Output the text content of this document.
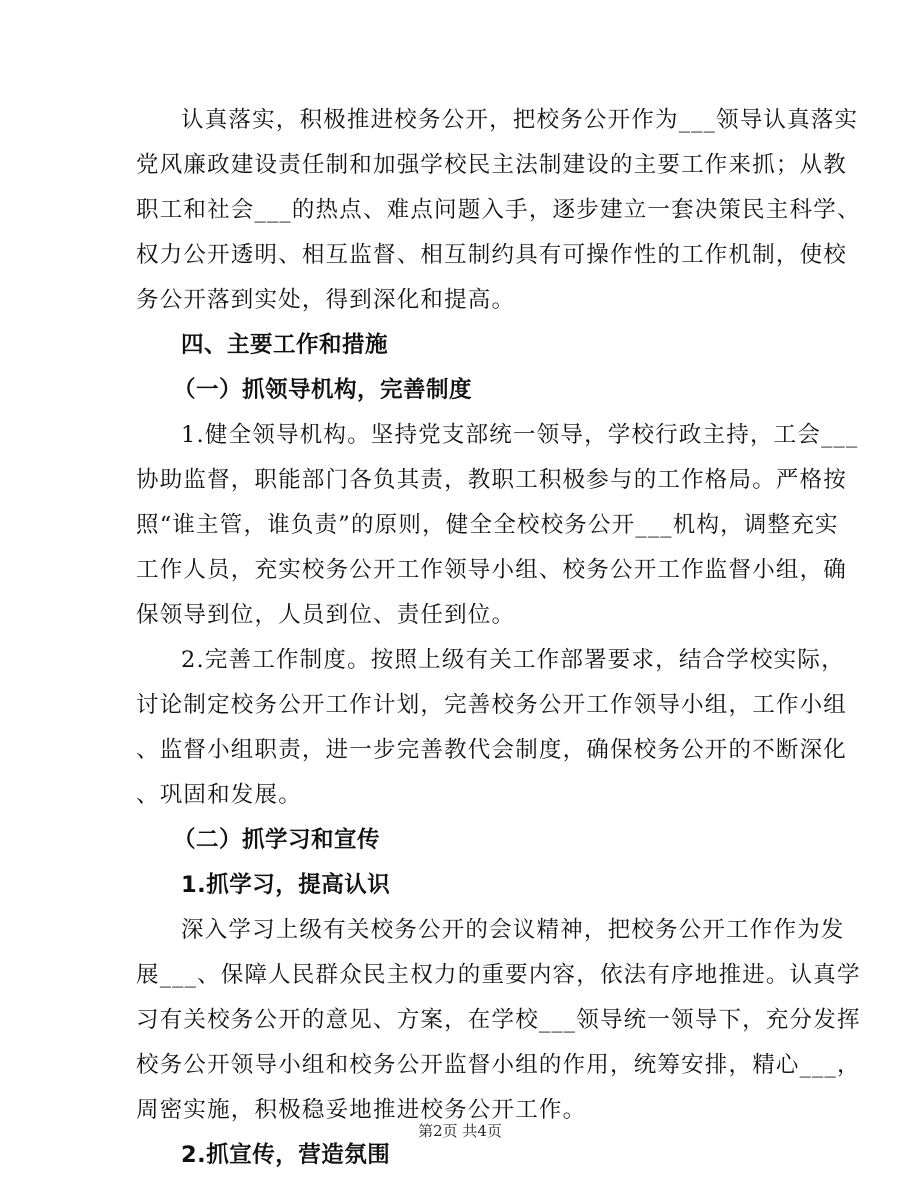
认真落实，积极推进校务公开，把校务公开作为___领导认真落实
党风廉政建设责任制和加强学校民主法制建设的主要工作来抓；从教
职工和社会___的热点、难点问题入手，逐步建立一套决策民主科学、
权力公开透明、相互监督、相互制约具有可操作性的工作机制，使校
务公开落到实处，得到深化和提高。
四、主要工作和措施
（一）抓领导机构，完善制度
1.健全领导机构。坚持党支部统一领导，学校行政主持，工会___
协助监督，职能部门各负其责，教职工积极参与的工作格局。严格按
照“谁主管，谁负责”的原则，健全全校校务公开___机构，调整充实
工作人员，充实校务公开工作领导小组、校务公开工作监督小组，确
保领导到位，人员到位、责任到位。
2.完善工作制度。按照上级有关工作部署要求，结合学校实际，
讨论制定校务公开工作计划，完善校务公开工作领导小组，工作小组
、监督小组职责，进一步完善教代会制度，确保校务公开的不断深化
、巩固和发展。
（二）抓学习和宣传
1.抓学习，提高认识
深入学习上级有关校务公开的会议精神，把校务公开工作作为发
展___、保障人民群众民主权力的重要内容，依法有序地推进。认真学
习有关校务公开的意见、方案，在学校___领导统一领导下，充分发挥
校务公开领导小组和校务公开监督小组的作用，统筹安排，精心___，
周密实施，积极稳妥地推进校务公开工作。
2.抓宣传，营造氛围
第2页 共4页
